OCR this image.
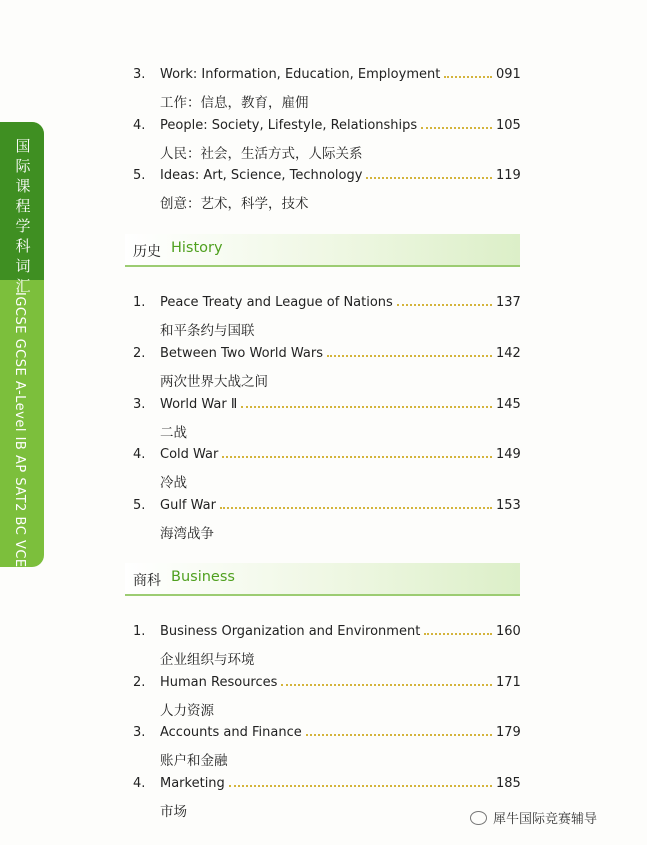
国际课程学科词汇
IGCSE GCSE A-Level IB AP SAT2 BC VCE
3.	Work: Information, Education, Employment	091
工作：信息，教育，雇佣
4.	People: Society, Lifestyle, Relationships	105
人民：社会，生活方式，人际关系
5.	Ideas: Art, Science, Technology	119
创意：艺术，科学，技术
历史 History
1.	Peace Treaty and League of Nations	137
和平条约与国联
2.	Between Two World Wars	142
两次世界大战之间
3.	World War Ⅱ	145
二战
4.	Cold War	149
冷战
5.	Gulf War	153
海湾战争
商科 Business
1.	Business Organization and Environment	160
企业组织与环境
2.	Human Resources	171
人力资源
3.	Accounts and Finance	179
账户和金融
4.	Marketing	185
市场	犀牛国际竞赛辅导
